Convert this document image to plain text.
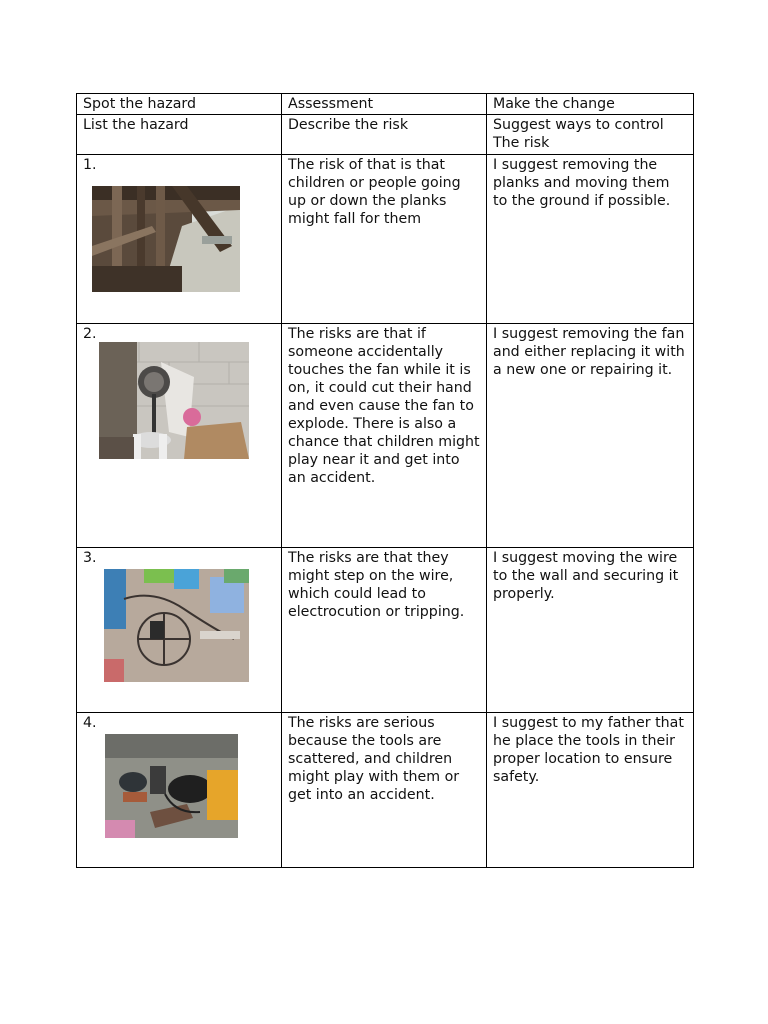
Spot the hazard	Assessment	Make the change

List the hazard	Describe the risk	Suggest ways to control
The risk

1.	The risk of that is that children or people going up or down the planks might fall for them	I suggest removing the planks and moving them to the ground if possible.

2.	The risks are that if someone accidentally touches the fan while it is on, it could cut their hand and even cause the fan to explode. There is also a chance that children might play near it and get into an accident.	I suggest removing the fan and either replacing it with a new one or repairing it.

3.	The risks are that they might step on the wire, which could lead to electrocution or tripping.	I suggest moving the wire to the wall and securing it properly.

4.	The risks are serious because the tools are scattered, and children might play with them or get into an accident.	I suggest to my father that he place the tools in their proper location to ensure safety.
